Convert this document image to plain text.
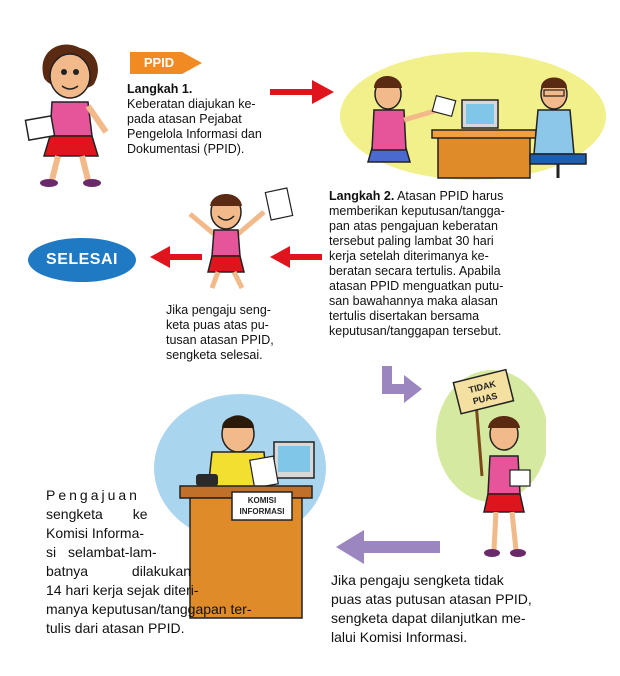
PPID
Langkah 1.
Keberatan diajukan ke-
pada atasan Pejabat
Pengelola Informasi dan
Dokumentasi (PPID).
Langkah 2. Atasan PPID harus
memberikan keputusan/tangga-
pan atas pengajuan keberatan
tersebut paling lambat 30 hari
kerja setelah diterimanya ke-
beratan secara tertulis. Apabila
atasan PPID menguatkan putu-
san bawahannya maka alasan
tertulis disertakan bersama
keputusan/tanggapan tersebut.
SELESAI
Jika pengaju seng-
keta puas atas pu-
tusan atasan PPID,
sengketa selesai.
TIDAK
PUAS
KOMISI
INFORMASI
Pengajuan
sengketa ke
Komisi Informa-
si selambat-lam-
batnya dilakukan
14 hari kerja sejak diteri-
manya keputusan/tanggapan ter-
tulis dari atasan PPID.
Jika pengaju sengketa tidak
puas atas putusan atasan PPID,
sengketa dapat dilanjutkan me-
lalui Komisi Informasi.
